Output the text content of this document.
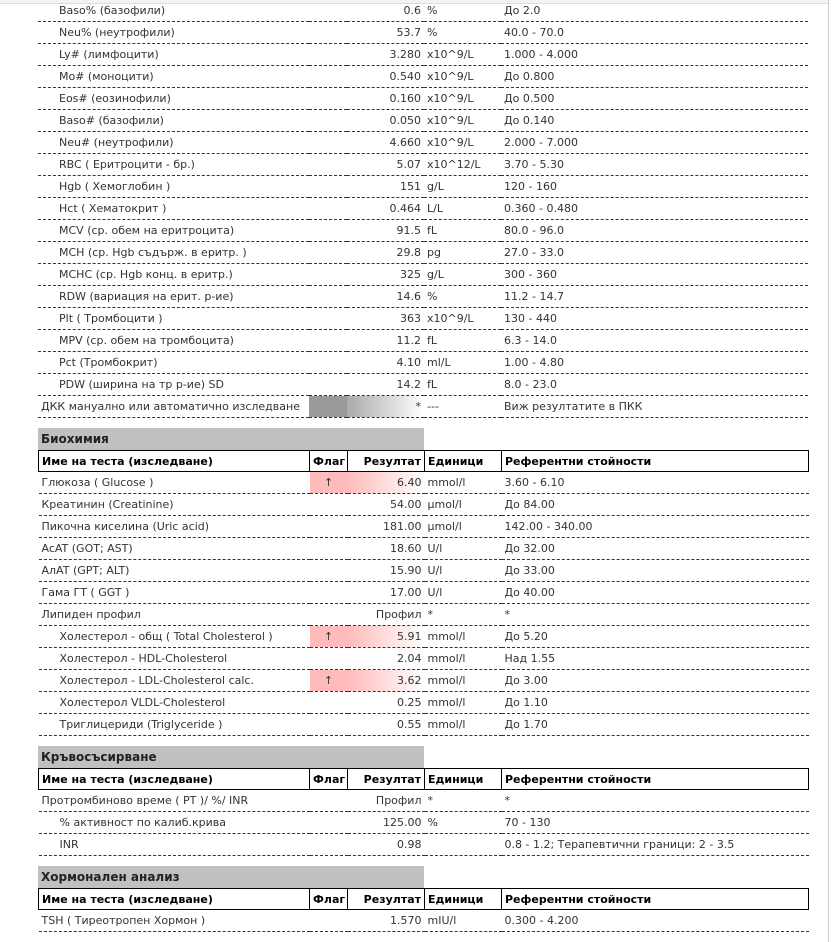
Baso% (базофили)		0.6	%	До 2.0
Neu% (неутрофили)		53.7	%	40.0 - 70.0
Ly# (лимфоцити)		3.280	x10^9/L	1.000 - 4.000
Mo# (моноцити)		0.540	x10^9/L	До 0.800
Eos# (еозинофили)		0.160	x10^9/L	До 0.500
Baso# (базофили)		0.050	x10^9/L	До 0.140
Neu# (неутрофили)		4.660	x10^9/L	2.000 - 7.000
RBC ( Еритроцити - бр.)		5.07	x10^12/L	3.70 - 5.30
Hgb ( Хемоглобин )		151	g/L	120 - 160
Hct ( Хематокрит )		0.464	L/L	0.360 - 0.480
MCV (ср. обем на еритроцита)		91.5	fL	80.0 - 96.0
MCH (ср. Hgb съдърж. в еритр. )		29.8	pg	27.0 - 33.0
MCHC (ср. Hgb конц. в еритр.)		325	g/L	300 - 360
RDW (вариация на ерит. р-ие)		14.6	%	11.2 - 14.7
Plt ( Тромбоцити )		363	x10^9/L	130 - 440
MPV (ср. обем на тромбоцита)		11.2	fL	6.3 - 14.0
Pct (Тромбокрит)		4.10	ml/L	1.00 - 4.80
PDW (ширина на тр р-ие) SD		14.2	fL	8.0 - 23.0
ДКК мануално или автоматично изследване		*	---	Виж резултатите в ПКК
Биохимия
Име на теста (изследване)	Флаг	Резултат	Единици	Референтни стойности
Глюкоза ( Glucose )	↑	6.40	mmol/l	3.60 - 6.10
Креатинин (Creatinine)		54.00	µmol/l	До 84.00
Пикочна киселина (Uric acid)		181.00	µmol/l	142.00 - 340.00
AcAT (GOT; AST)		18.60	U/l	До 32.00
AлAT (GPT; ALT)		15.90	U/l	До 33.00
Гама ГТ ( GGT )		17.00	U/l	До 40.00
Липиден профил		Профил	*	*
Холестерол - общ ( Total Cholesterol )	↑	5.91	mmol/l	До 5.20
Холестерол - HDL-Cholesterol		2.04	mmol/l	Над 1.55
Холестерол - LDL-Cholesterol calc.	↑	3.62	mmol/l	До 3.00
Холестерол VLDL-Cholesterol		0.25	mmol/l	До 1.10
Триглицериди (Triglyceride )		0.55	mmol/l	До 1.70
Кръвосъсирване
Име на теста (изследване)	Флаг	Резултат	Единици	Референтни стойности
Протромбиново време ( PT )/ %/ INR		Профил	*	*
% активност по калиб.крива		125.00	%	70 - 130
INR		0.98		0.8 - 1.2; Терапевтични граници: 2 - 3.5
Хормонален анализ
Име на теста (изследване)	Флаг	Резултат	Единици	Референтни стойности
TSH ( Тиреотропен Хормон )		1.570	mIU/l	0.300 - 4.200
